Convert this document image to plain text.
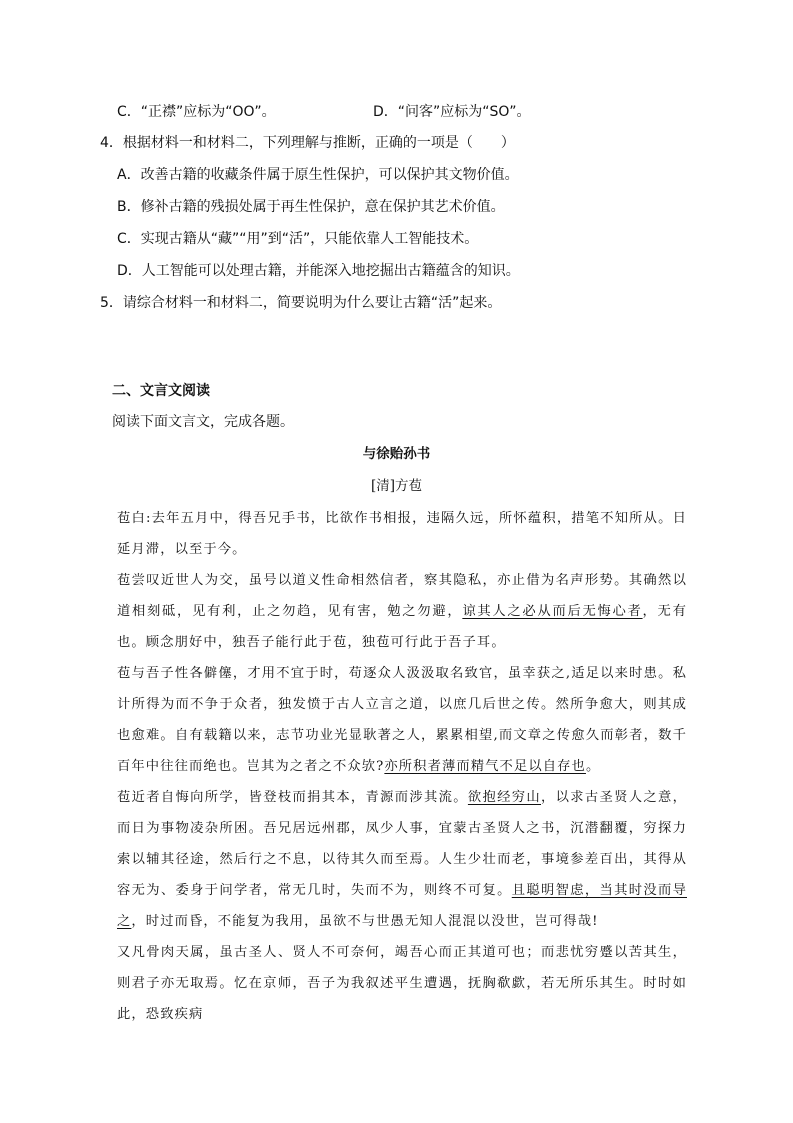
C．“正襟”应标为“OO”。	D．“问客”应标为“SO”。
4．根据材料一和材料二，下列理解与推断，正确的一项是（　　）
A．改善古籍的收藏条件属于原生性保护，可以保护其文物价值。
B．修补古籍的残损处属于再生性保护，意在保护其艺术价值。
C．实现古籍从“藏”“用”到“活”，只能依靠人工智能技术。
D．人工智能可以处理古籍，并能深入地挖掘出古籍蕴含的知识。
5．请综合材料一和材料二，简要说明为什么要让古籍“活”起来。
二、文言文阅读
阅读下面文言文，完成各题。
与徐贻孙书
[清]方苞
苞白:去年五月中，得吾兄手书，比欲作书相报，违隔久远，所怀蕴积，措笔不知所从。日延月滞，以至于今。
苞尝叹近世人为交，虽号以道义性命相然信者，察其隐私，亦止借为名声形势。其确然以道相刻砥，见有利，止之勿趋，见有害，勉之勿避，谅其人之必从而后无悔心者，无有也。顾念朋好中，独吾子能行此于苞，独苞可行此于吾子耳。
苞与吾子性各僻僿，才用不宜于时，苟逐众人汲汲取名致官，虽幸获之,适足以来时患。私计所得为而不争于众者，独发愤于古人立言之道，以庶几后世之传。然所争愈大，则其成也愈难。自有载籍以来，志节功业光显耿著之人，累累相望,而文章之传愈久而彰者，数千百年中往往而绝也。岂其为之者之不众欤?亦所积者薄而精气不足以自存也。
苞近者自悔向所学，皆登枝而捐其本，青源而涉其流。欲抱经穷山，以求古圣贤人之意，而日为事物凌杂所困。吾兄居远州郡，凤少人事，宜蒙古圣贤人之书，沉潜翻覆，穷探力索以辅其径途，然后行之不息，以待其久而至焉。人生少壮而老，事境参差百出，其得从容无为、委身于问学者，常无几时，失而不为，则终不可复。且聪明智虑，当其时没而导之，时过而昏，不能复为我用，虽欲不与世愚无知人混混以没世，岂可得哉!
又凡骨肉天属，虽古圣人、贤人不可奈何，竭吾心而正其道可也；而悲忧穷蹙以苦其生，则君子亦无取焉。忆在京师，吾子为我叙述平生遭遇，抚胸欷歔，若无所乐其生。时时如此，恐致疾病
